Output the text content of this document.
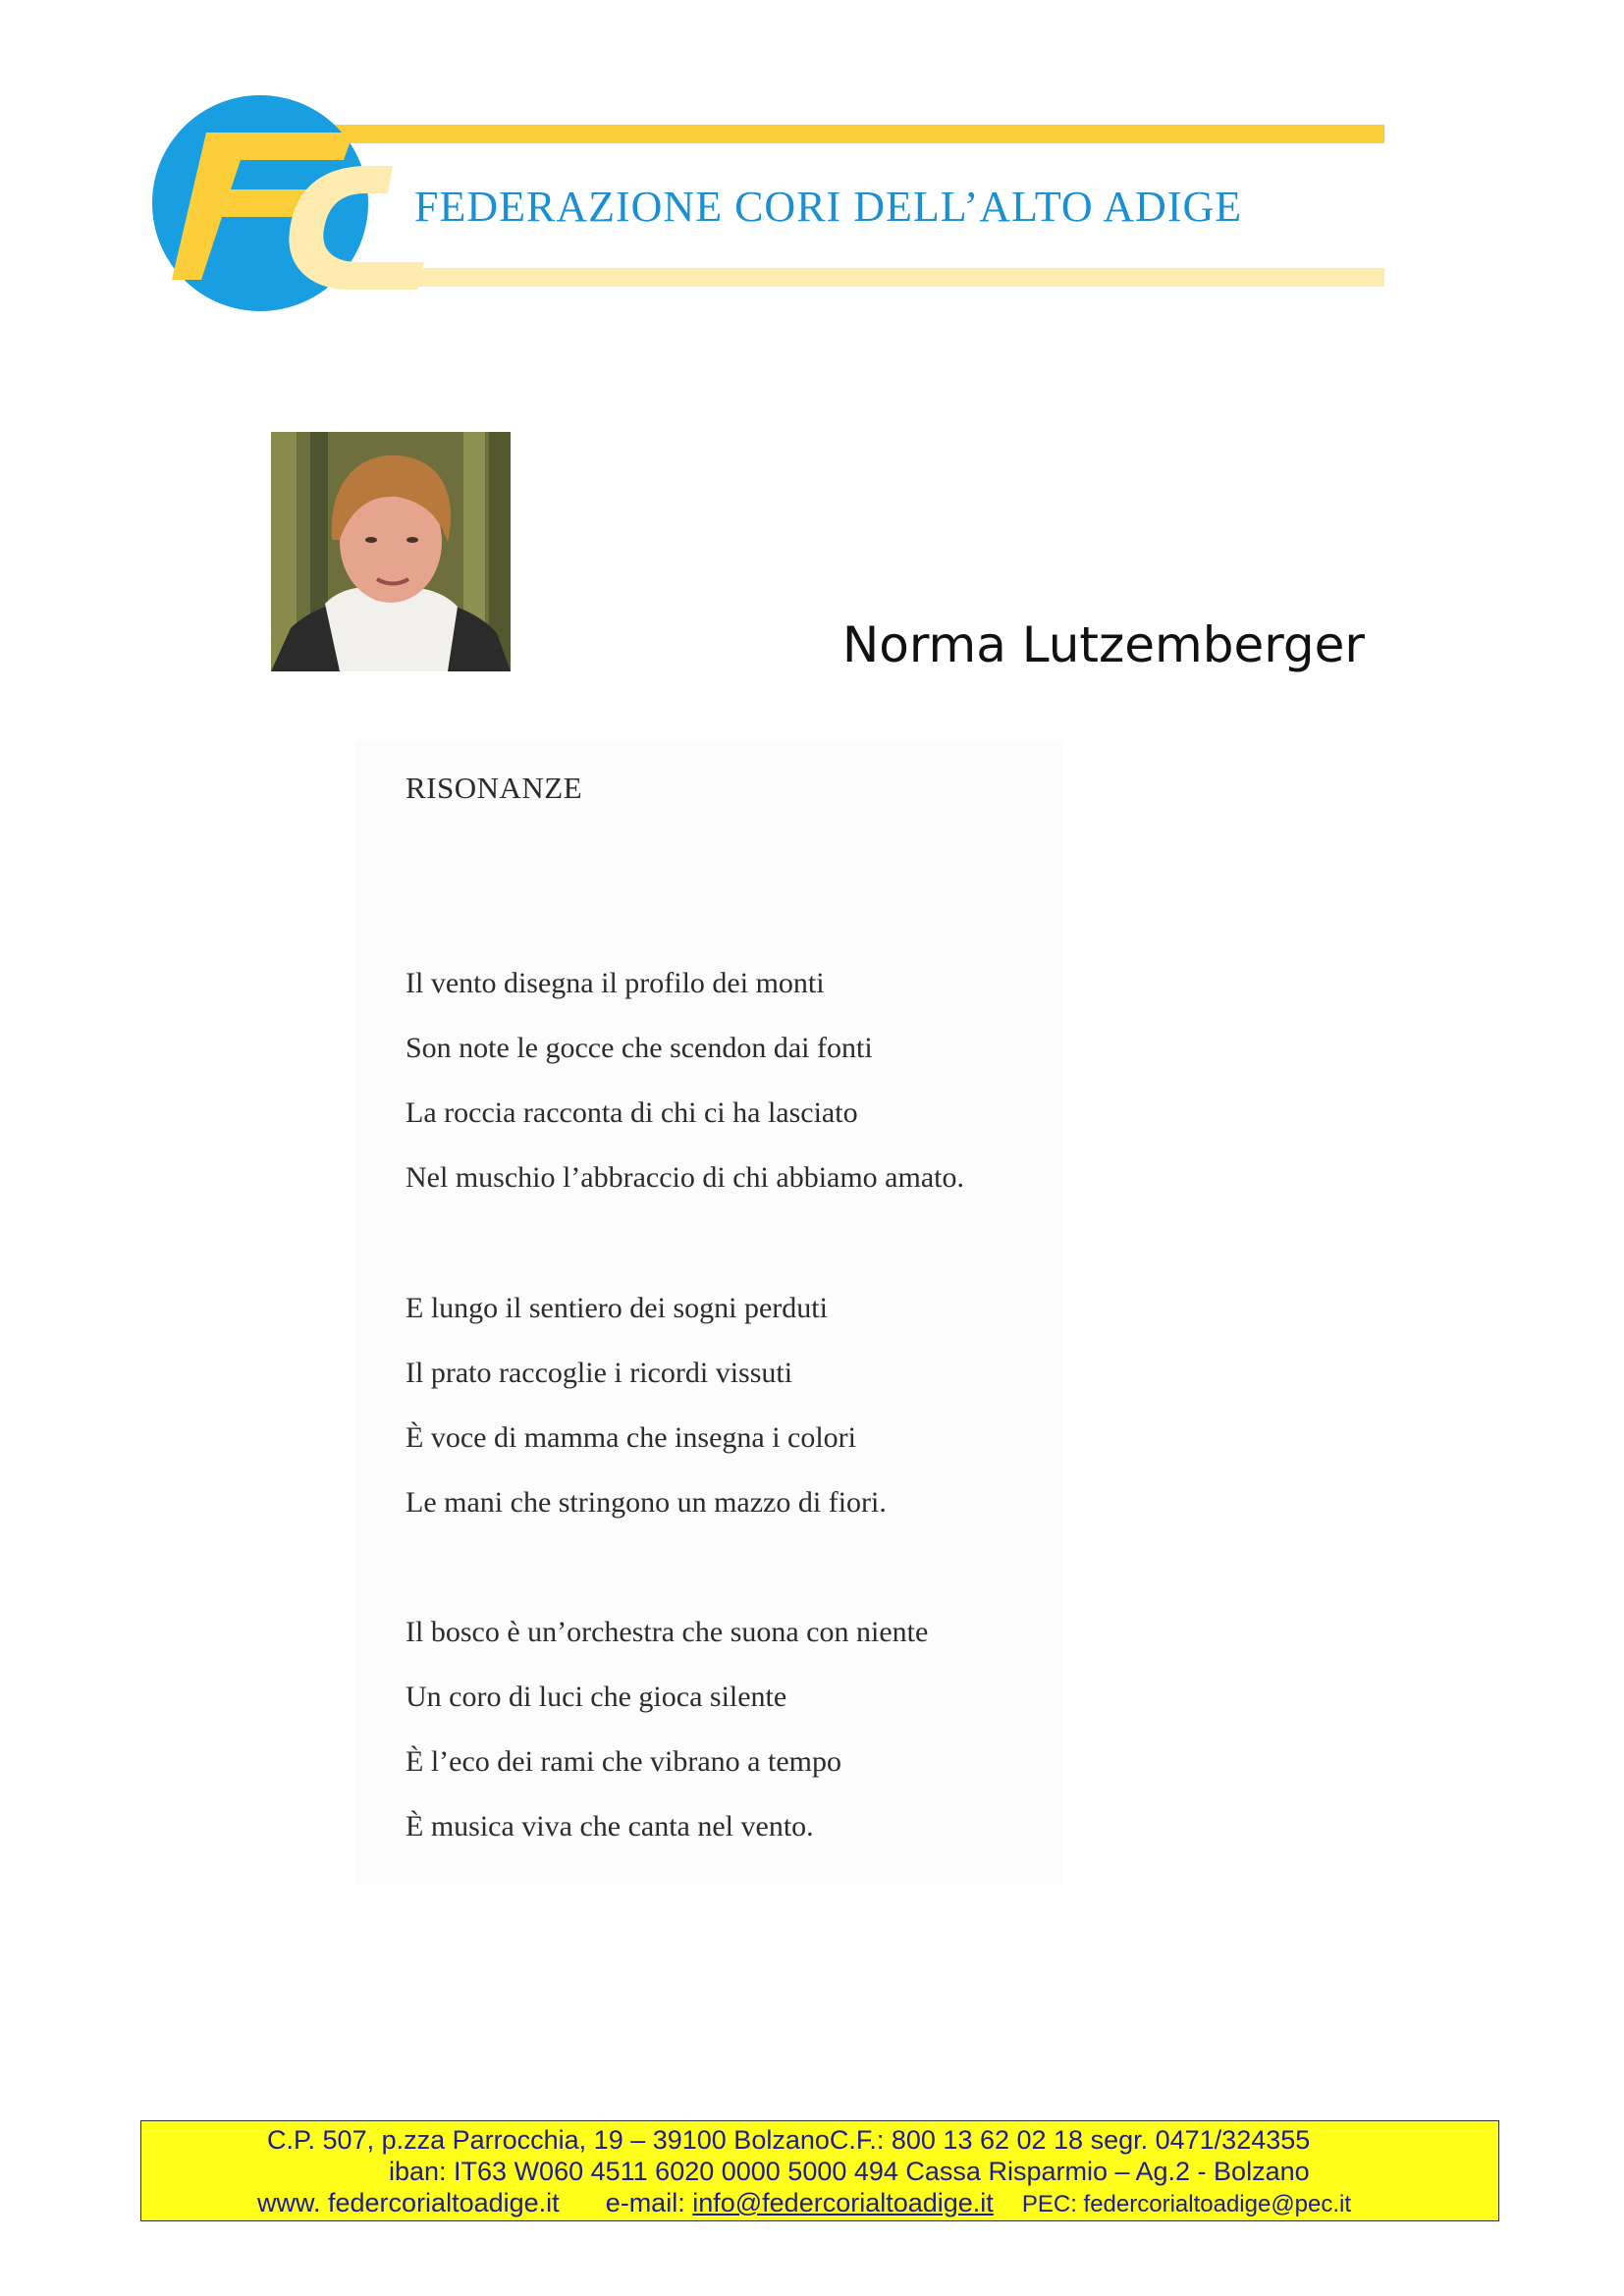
FEDERAZIONE CORI DELL’ALTO ADIGE
Norma Lutzemberger
RISONANZE
Il vento disegna il profilo dei monti
Son note le gocce che scendon dai fonti
La roccia racconta di chi ci ha lasciato
Nel muschio l’abbraccio di chi abbiamo amato.
E lungo il sentiero dei sogni perduti
Il prato raccoglie i ricordi vissuti
È voce di mamma che insegna i colori
Le mani che stringono un mazzo di fiori.
Il bosco è un’orchestra che suona con niente
Un coro di luci che gioca silente
È l’eco dei rami che vibrano a tempo
È musica viva che canta nel vento.
C.P. 507, p.zza Parrocchia, 19 – 39100 BolzanoC.F.: 800 13 62 02 18 segr. 0471/324355
iban: IT63 W060 4511 6020 0000 5000 494 Cassa Risparmio – Ag.2 - Bolzano
www. federcorialtoadige.it e-mail: info@federcorialtoadige.it PEC: federcorialtoadige@pec.it
